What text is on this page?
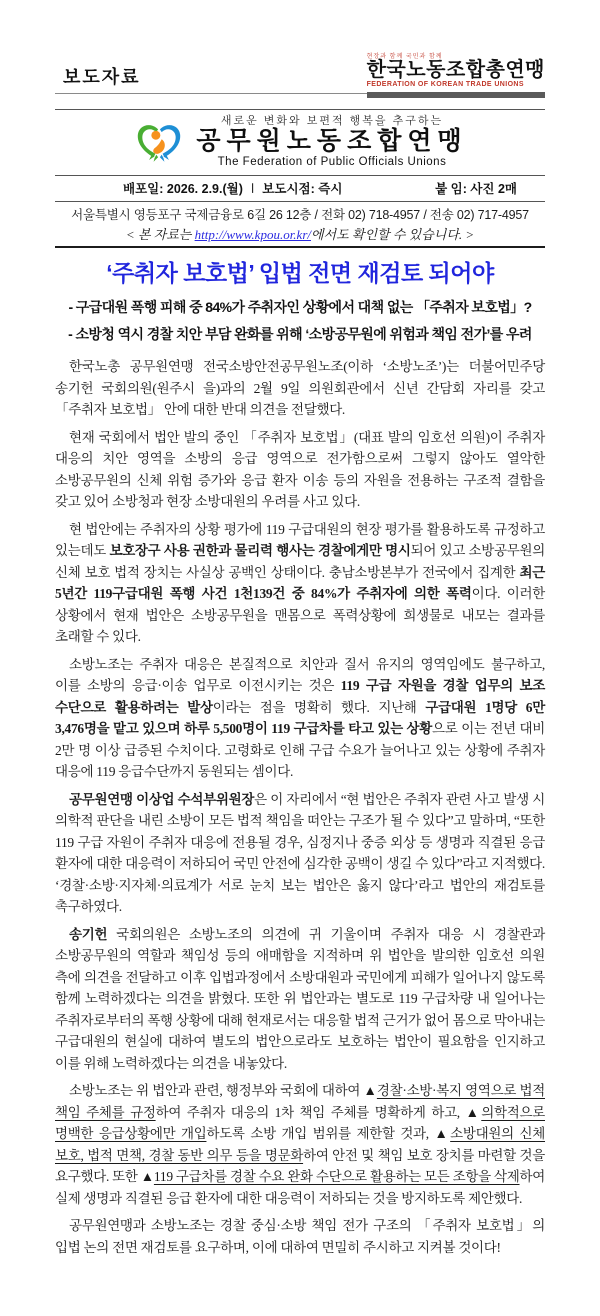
보도자료
현장과 함께 국민과 함께
한국노동조합총연맹
FEDERATION OF KOREAN TRADE UNIONS
새로운 변화와 보편적 행복을 추구하는
공무원노동조합연맹
The Federation of Public Officials Unions
배포일: 2026. 2.9.(월) ∣ 보도시점: 즉시	붙 임: 사진 2매
서울특별시 영등포구 국제금융로 6길 26 12층 / 전화 02) 718-4957 / 전송 02) 717-4957
< 본 자료는 http://www.kpou.or.kr/에서도 확인할 수 있습니다. >
‘주취자 보호법’ 입법 전면 재검토 되어야
- 구급대원 폭행 피해 중 84%가 주취자인 상황에서 대책 없는 「주취자 보호법」?
- 소방청 역시 경찰 치안 부담 완화를 위해 ‘소방공무원에 위험과 책임 전가’를 우려

한국노총 공무원연맹 전국소방안전공무원노조(이하 ‘소방노조’)는 더불어민주당 송기헌 국회의원(원주시 을)과의 2월 9일 의원회관에서 신년 간담회 자리를 갖고 「주취자 보호법」 안에 대한 반대 의견을 전달했다.

현재 국회에서 법안 발의 중인 「주취자 보호법」(대표 발의 임호선 의원)이 주취자 대응의 치안 영역을 소방의 응급 영역으로 전가함으로써 그렇지 않아도 열악한 소방공무원의 신체 위험 증가와 응급 환자 이송 등의 자원을 전용하는 구조적 결함을 갖고 있어 소방청과 현장 소방대원의 우려를 사고 있다.

현 법안에는 주취자의 상황 평가에 119 구급대원의 현장 평가를 활용하도록 규정하고 있는데도 보호장구 사용 권한과 물리력 행사는 경찰에게만 명시되어 있고 소방공무원의 신체 보호 법적 장치는 사실상 공백인 상태이다. 충남소방본부가 전국에서 집계한 최근 5년간 119구급대원 폭행 사건 1천139건 중 84%가 주취자에 의한 폭력이다. 이러한 상황에서 현재 법안은 소방공무원을 맨몸으로 폭력상황에 희생물로 내모는 결과를 초래할 수 있다.

소방노조는 주취자 대응은 본질적으로 치안과 질서 유지의 영역임에도 불구하고, 이를 소방의 응급·이송 업무로 이전시키는 것은 119 구급 자원을 경찰 업무의 보조 수단으로 활용하려는 발상이라는 점을 명확히 했다. 지난해 구급대원 1명당 6만 3,476명을 맡고 있으며 하루 5,500명이 119 구급차를 타고 있는 상황으로 이는 전년 대비 2만 명 이상 급증된 수치이다. 고령화로 인해 구급 수요가 늘어나고 있는 상황에 주취자 대응에 119 응급수단까지 동원되는 셈이다.

공무원연맹 이상업 수석부위원장은 이 자리에서 “현 법안은 주취자 관련 사고 발생 시 의학적 판단을 내린 소방이 모든 법적 책임을 떠안는 구조가 될 수 있다”고 말하며, “또한 119 구급 자원이 주취자 대응에 전용될 경우, 심정지나 중증 외상 등 생명과 직결된 응급 환자에 대한 대응력이 저하되어 국민 안전에 심각한 공백이 생길 수 있다”라고 지적했다. ‘경찰·소방·지자체·의료계가 서로 눈치 보는 법안은 옳지 않다’라고 법안의 재검토를 촉구하였다.

송기헌 국회의원은 소방노조의 의견에 귀 기울이며 주취자 대응 시 경찰관과 소방공무원의 역할과 책임성 등의 애매함을 지적하며 위 법안을 발의한 임호선 의원 측에 의견을 전달하고 이후 입법과정에서 소방대원과 국민에게 피해가 일어나지 않도록 함께 노력하겠다는 의견을 밝혔다. 또한 위 법안과는 별도로 119 구급차량 내 일어나는 주취자로부터의 폭행 상황에 대해 현재로서는 대응할 법적 근거가 없어 몸으로 막아내는 구급대원의 현실에 대하여 별도의 법안으로라도 보호하는 법안이 필요함을 인지하고 이를 위해 노력하겠다는 의견을 내놓았다.

소방노조는 위 법안과 관련, 행정부와 국회에 대하여 ▲경찰·소방·복지 영역으로 법적 책임 주체를 규정하여 주취자 대응의 1차 책임 주체를 명확하게 하고, ▲의학적으로 명백한 응급상황에만 개입하도록 소방 개입 범위를 제한할 것과, ▲소방대원의 신체 보호, 법적 면책, 경찰 동반 의무 등을 명문화하여 안전 및 책임 보호 장치를 마련할 것을 요구했다. 또한 ▲119 구급차를 경찰 수요 완화 수단으로 활용하는 모든 조항을 삭제하여 실제 생명과 직결된 응급 환자에 대한 대응력이 저하되는 것을 방지하도록 제안했다.

공무원연맹과 소방노조는 경찰 중심·소방 책임 전가 구조의 「주취자 보호법」의 입법 논의 전면 재검토를 요구하며, 이에 대하여 면밀히 주시하고 지켜볼 것이다!
